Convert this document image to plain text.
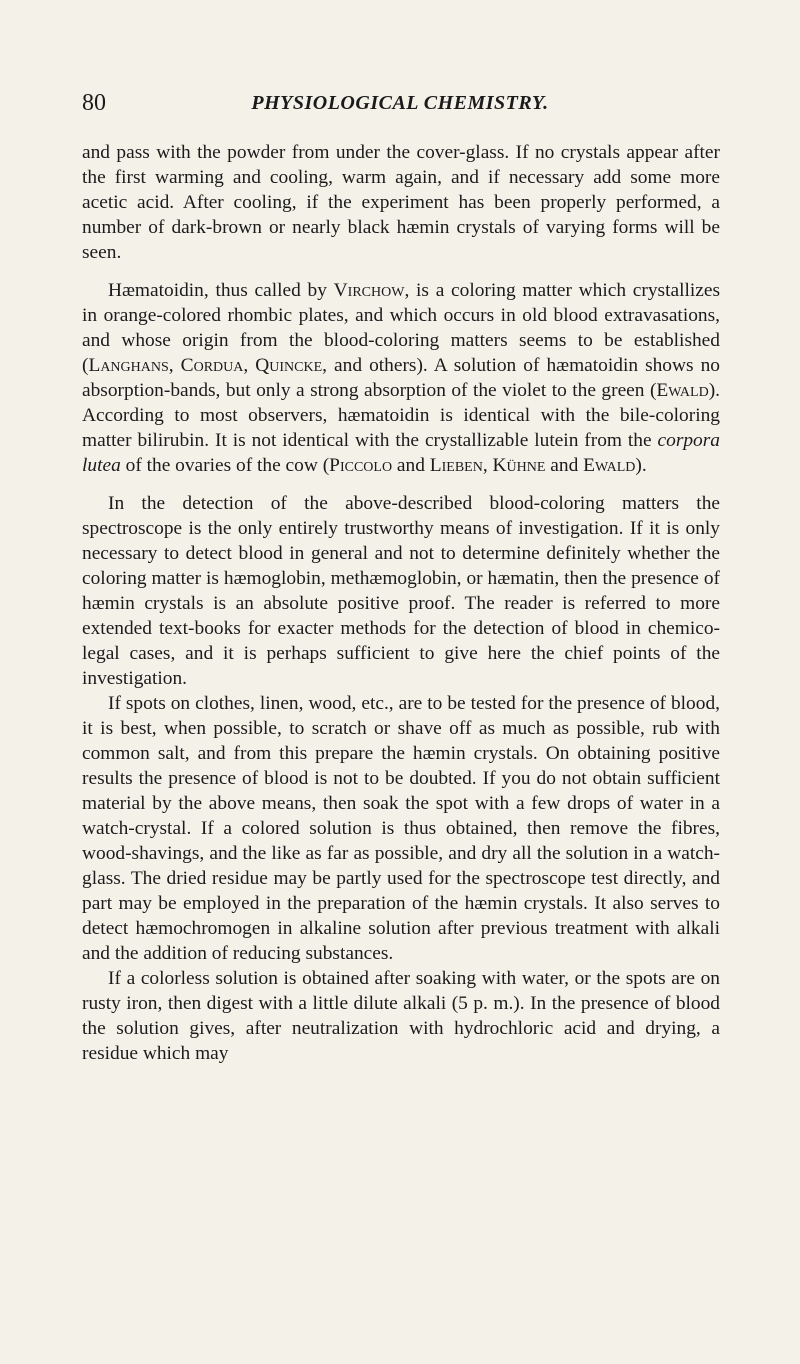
80	PHYSIOLOGICAL CHEMISTRY.

and pass with the powder from under the cover-glass. If no crystals appear after the first warming and cooling, warm again, and if necessary add some more acetic acid. After cooling, if the experiment has been properly performed, a number of dark-brown or nearly black hæmin crystals of varying forms will be seen.

Hæmatoidin, thus called by Virchow, is a coloring matter which crystallizes in orange-colored rhombic plates, and which occurs in old blood extravasations, and whose origin from the blood-coloring matters seems to be established (Langhans, Cordua, Quincke, and others). A solution of hæmatoidin shows no absorption-bands, but only a strong absorption of the violet to the green (Ewald). According to most observers, hæmatoidin is identical with the bile-coloring matter bilirubin. It is not identical with the crystallizable lutein from the corpora lutea of the ovaries of the cow (Piccolo and Lieben, Kühne and Ewald).

In the detection of the above-described blood-coloring matters the spectroscope is the only entirely trustworthy means of investigation. If it is only necessary to detect blood in general and not to determine definitely whether the coloring matter is hæmoglobin, methæmoglobin, or hæmatin, then the presence of hæmin crystals is an absolute positive proof. The reader is referred to more extended text-books for exacter methods for the detection of blood in chemico-legal cases, and it is perhaps sufficient to give here the chief points of the investigation.

If spots on clothes, linen, wood, etc., are to be tested for the presence of blood, it is best, when possible, to scratch or shave off as much as possible, rub with common salt, and from this prepare the hæmin crystals. On obtaining positive results the presence of blood is not to be doubted. If you do not obtain sufficient material by the above means, then soak the spot with a few drops of water in a watch-crystal. If a colored solution is thus obtained, then remove the fibres, wood-shavings, and the like as far as possible, and dry all the solution in a watch-glass. The dried residue may be partly used for the spectroscope test directly, and part may be employed in the preparation of the hæmin crystals. It also serves to detect hæmochromogen in alkaline solution after previous treatment with alkali and the addition of reducing substances.

If a colorless solution is obtained after soaking with water, or the spots are on rusty iron, then digest with a little dilute alkali (5 p. m.). In the presence of blood the solution gives, after neutralization with hydrochloric acid and drying, a residue which may
